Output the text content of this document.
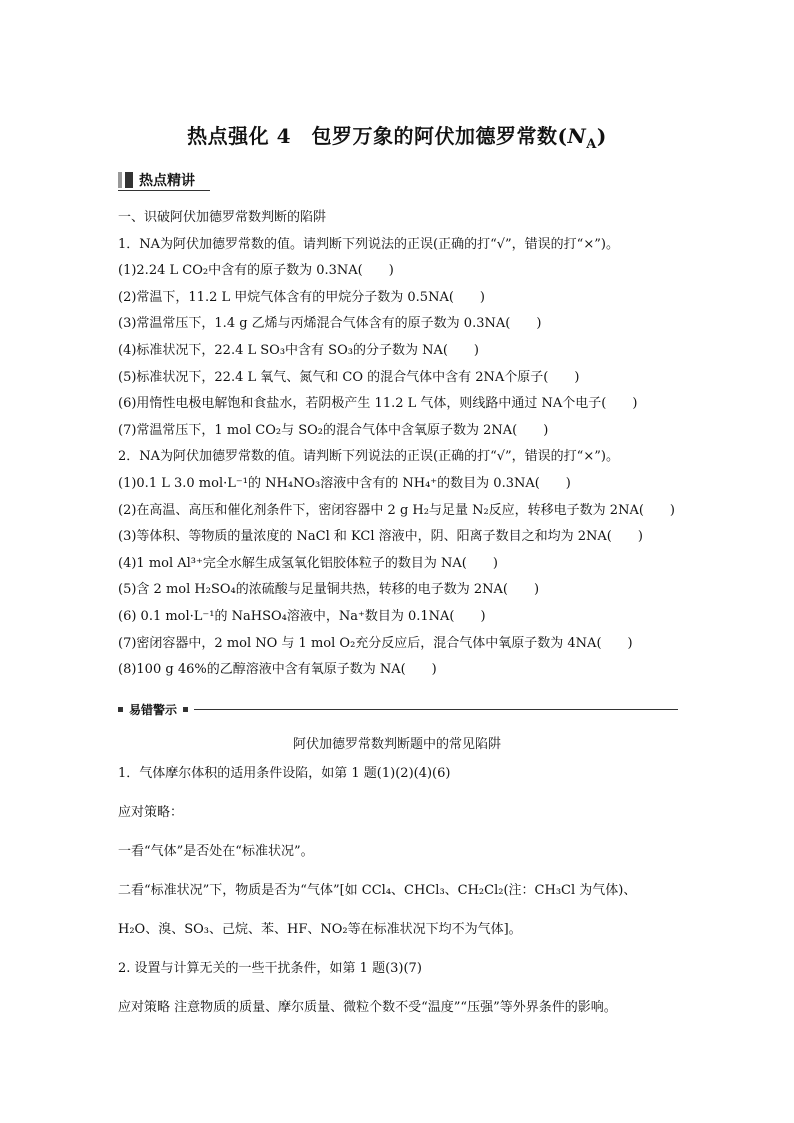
热点强化 4　包罗万象的阿伏加德罗常数$(N_A)$
热点精讲
一、识破阿伏加德罗常数判断的陷阱
1．NA为阿伏加德罗常数的值。请判断下列说法的正误(正确的打“√”，错误的打“×”)。
(1)2.24 L CO₂中含有的原子数为 0.3NA(　　)
(2)常温下，11.2 L 甲烷气体含有的甲烷分子数为 0.5NA(　　)
(3)常温常压下，1.4 g 乙烯与丙烯混合气体含有的原子数为 0.3NA(　　)
(4)标准状况下，22.4 L SO₃中含有 SO₃的分子数为 NA(　　)
(5)标准状况下，22.4 L 氧气、氮气和 CO 的混合气体中含有 2NA个原子(　　)
(6)用惰性电极电解饱和食盐水，若阴极产生 11.2 L 气体，则线路中通过 NA个电子(　　)
(7)常温常压下，1 mol CO₂与 SO₂的混合气体中含氧原子数为 2NA(　　)
2．NA为阿伏加德罗常数的值。请判断下列说法的正误(正确的打“√”，错误的打“×”)。
(1)0.1 L 3.0 mol·L⁻¹的 NH₄NO₃溶液中含有的 NH₄⁺的数目为 0.3NA(　　)
(2)在高温、高压和催化剂条件下，密闭容器中 2 g H₂与足量 N₂反应，转移电子数为 2NA(　　)
(3)等体积、等物质的量浓度的 NaCl 和 KCl 溶液中，阴、阳离子数目之和均为 2NA(　　)
(4)1 mol Al³⁺完全水解生成氢氧化铝胶体粒子的数目为 NA(　　)
(5)含 2 mol H₂SO₄的浓硫酸与足量铜共热，转移的电子数为 2NA(　　)
(6) 0.1 mol·L⁻¹的 NaHSO₄溶液中，Na⁺数目为 0.1NA(　　)
(7)密闭容器中，2 mol NO 与 1 mol O₂充分反应后，混合气体中氧原子数为 4NA(　　)
(8)100 g 46%的乙醇溶液中含有氧原子数为 NA(　　)
易错警示
阿伏加德罗常数判断题中的常见陷阱
1．气体摩尔体积的适用条件设陷，如第 1 题(1)(2)(4)(6)
应对策略：
一看“气体”是否处在“标准状况”。
二看“标准状况”下，物质是否为“气体”[如 CCl₄、CHCl₃、CH₂Cl₂(注：CH₃Cl 为气体)、
H₂O、溴、SO₃、己烷、苯、HF、NO₂等在标准状况下均不为气体]。
2. 设置与计算无关的一些干扰条件，如第 1 题(3)(7)
应对策略 注意物质的质量、摩尔质量、微粒个数不受“温度”“压强”等外界条件的影响。
